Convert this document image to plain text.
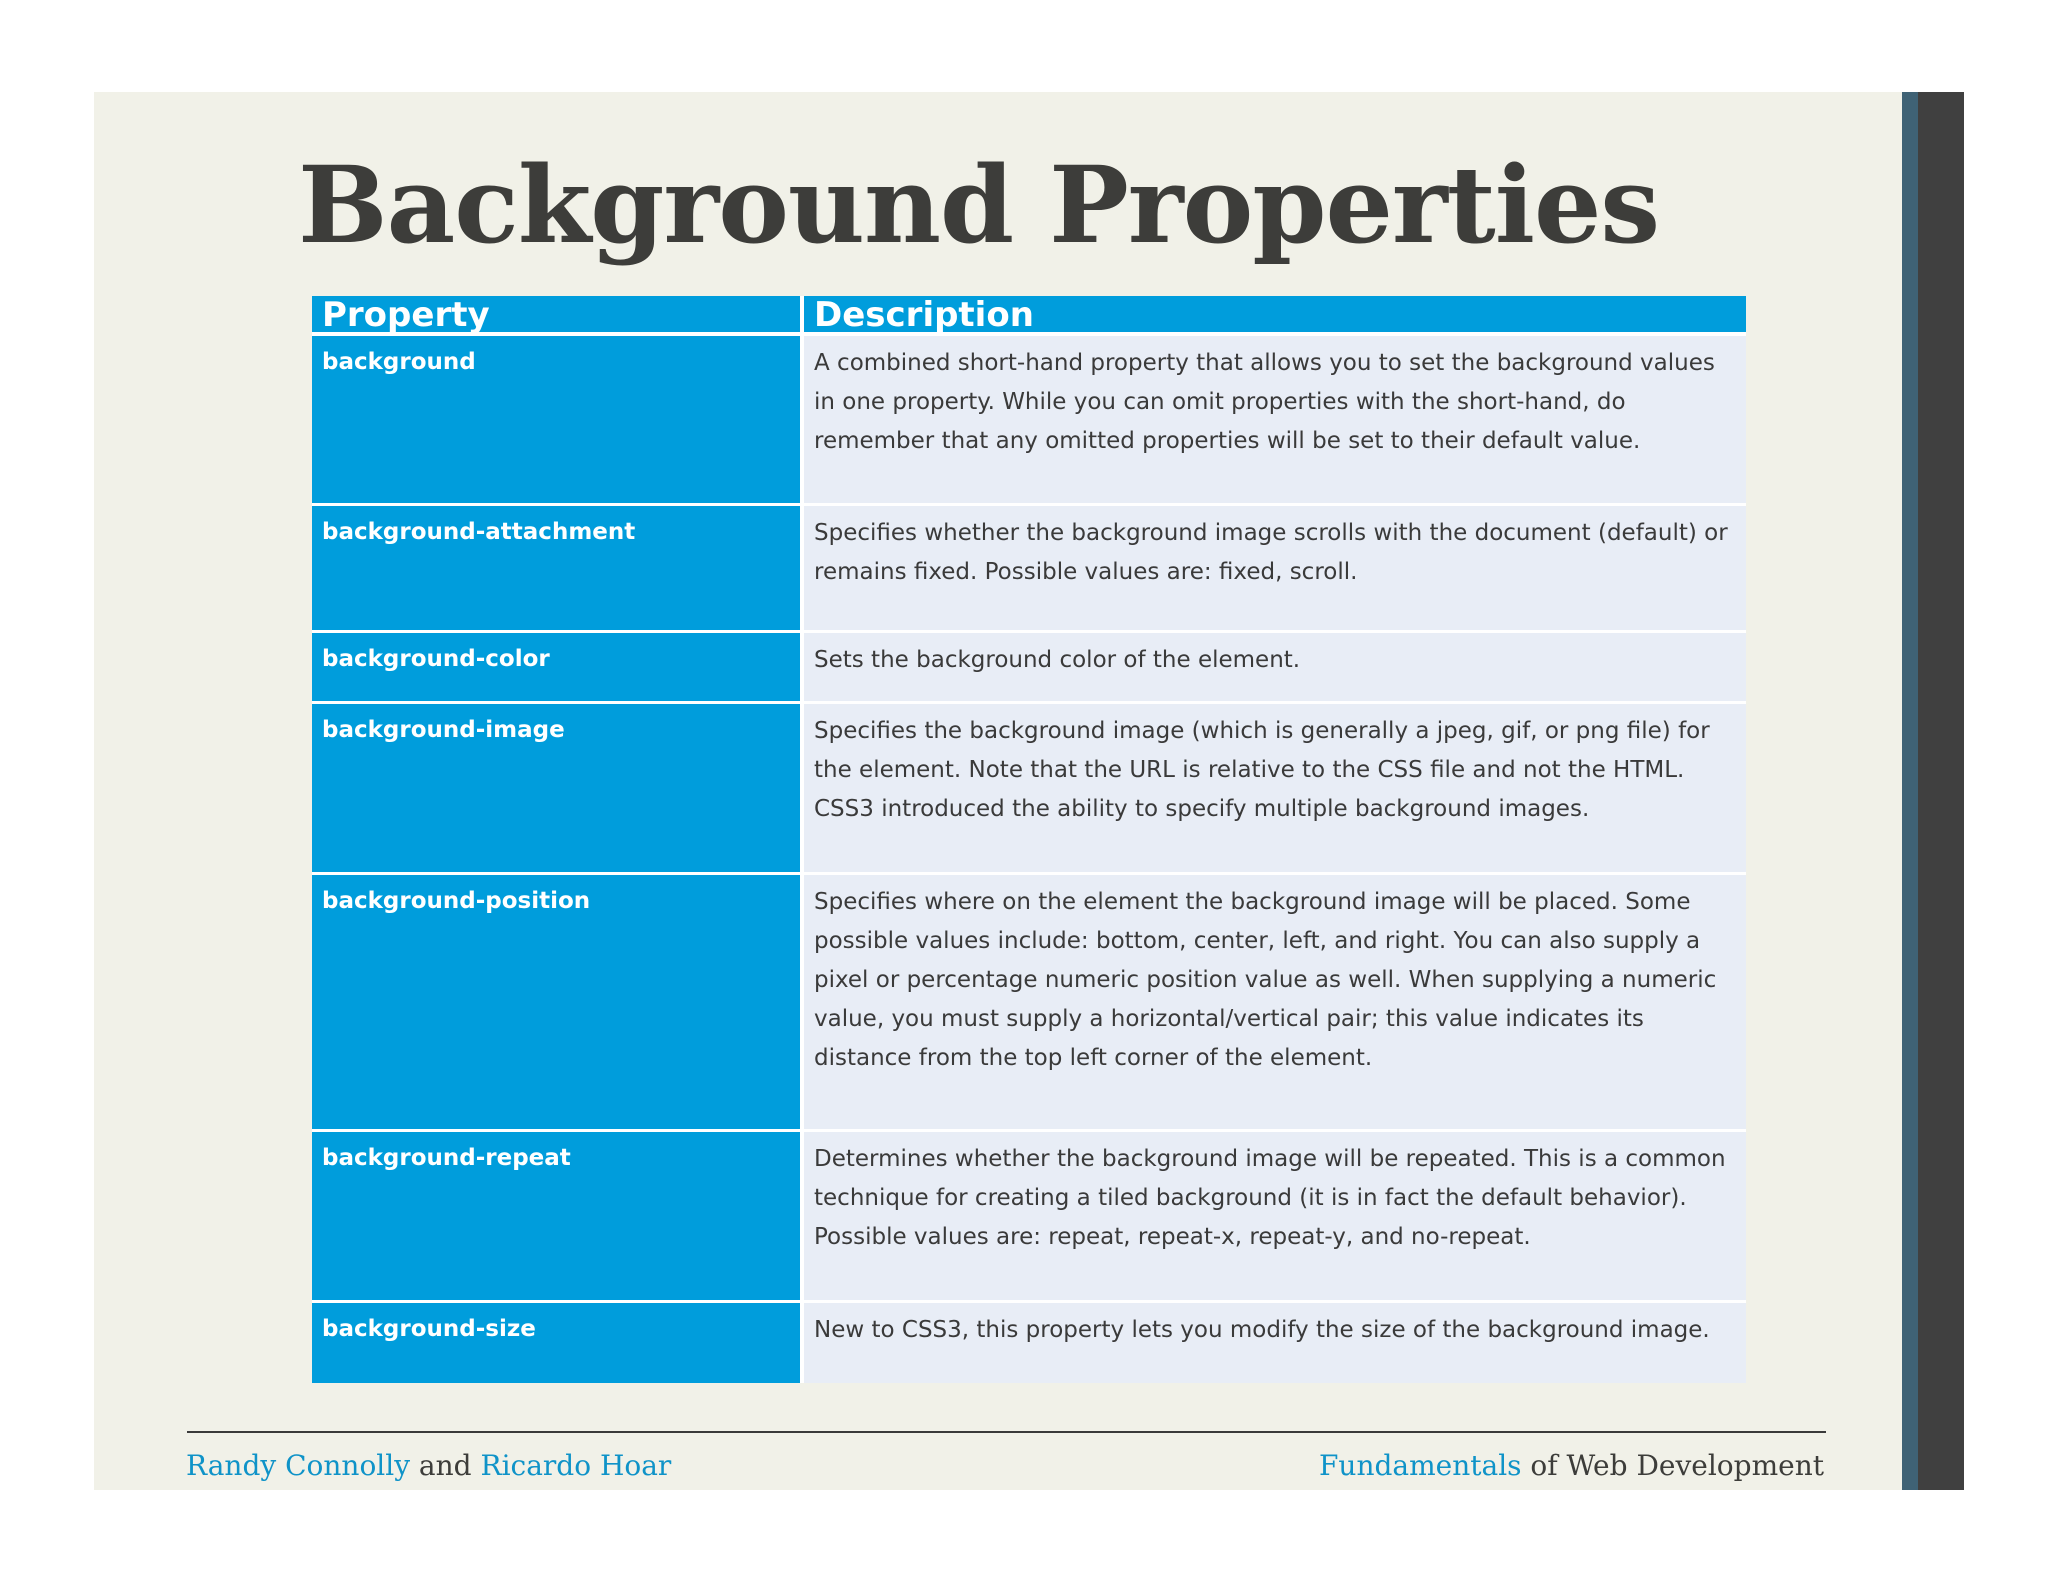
Background Properties
Property	Description
background	A combined short-hand property that allows you to set the background values in one property. While you can omit properties with the short-hand, do remember that any omitted properties will be set to their default value.
background-attachment	Specifies whether the background image scrolls with the document (default) or remains fixed. Possible values are: fixed, scroll.
background-color	Sets the background color of the element.
background-image	Specifies the background image (which is generally a jpeg, gif, or png file) for the element. Note that the URL is relative to the CSS file and not the HTML. CSS3 introduced the ability to specify multiple background images.
background-position	Specifies where on the element the background image will be placed. Some possible values include: bottom, center, left, and right. You can also supply a pixel or percentage numeric position value as well. When supplying a numeric value, you must supply a horizontal/vertical pair; this value indicates its distance from the top left corner of the element.
background-repeat	Determines whether the background image will be repeated. This is a common technique for creating a tiled background (it is in fact the default behavior). Possible values are: repeat, repeat-x, repeat-y, and no-repeat.
background-size	New to CSS3, this property lets you modify the size of the background image.
Randy Connolly and Ricardo Hoar	Fundamentals of Web Development
